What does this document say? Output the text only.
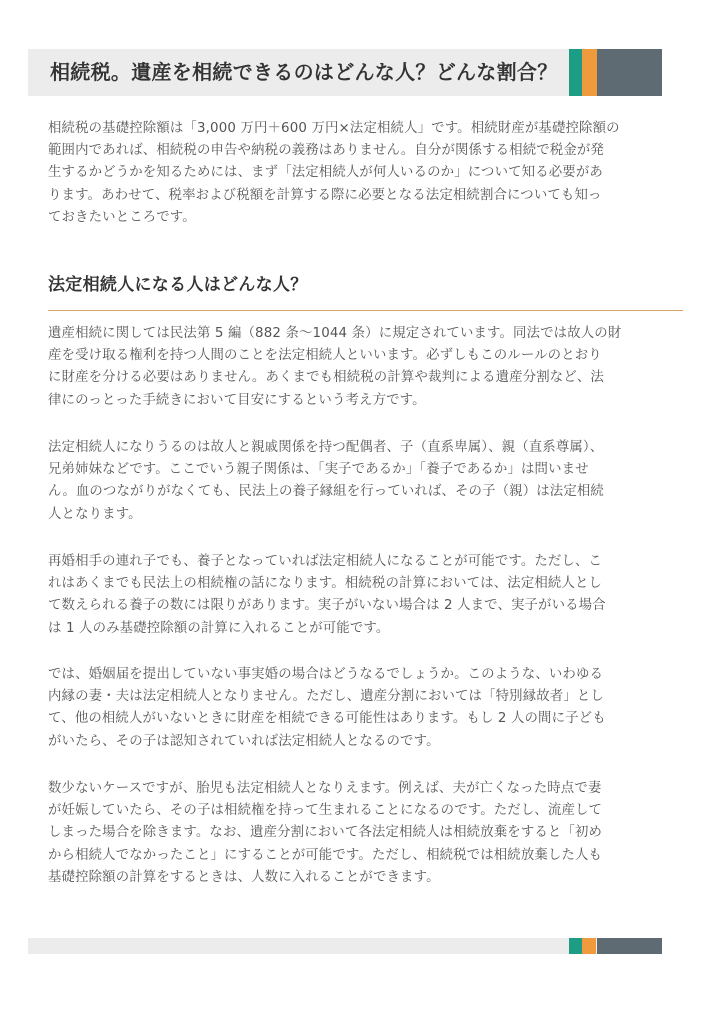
相続税。遺産を相続できるのはどんな人？どんな割合？

相続税の基礎控除額は「3,000 万円＋600 万円×法定相続人」です。相続財産が基礎控除額の
範囲内であれば、相続税の申告や納税の義務はありません。自分が関係する相続で税金が発
生するかどうかを知るためには、まず「法定相続人が何人いるのか」について知る必要があ
ります。あわせて、税率および税額を計算する際に必要となる法定相続割合についても知っ
ておきたいところです。

法定相続人になる人はどんな人？

遺産相続に関しては民法第 5 編（882 条～1044 条）に規定されています。同法では故人の財
産を受け取る権利を持つ人間のことを法定相続人といいます。必ずしもこのルールのとおり
に財産を分ける必要はありません。あくまでも相続税の計算や裁判による遺産分割など、法
律にのっとった手続きにおいて目安にするという考え方です。

法定相続人になりうるのは故人と親戚関係を持つ配偶者、子（直系卑属）、親（直系尊属）、
兄弟姉妹などです。ここでいう親子関係は、「実子であるか」「養子であるか」は問いませ
ん。血のつながりがなくても、民法上の養子縁組を行っていれば、その子（親）は法定相続
人となります。

再婚相手の連れ子でも、養子となっていれば法定相続人になることが可能です。ただし、こ
れはあくまでも民法上の相続権の話になります。相続税の計算においては、法定相続人とし
て数えられる養子の数には限りがあります。実子がいない場合は 2 人まで、実子がいる場合
は 1 人のみ基礎控除額の計算に入れることが可能です。

では、婚姻届を提出していない事実婚の場合はどうなるでしょうか。このような、いわゆる
内縁の妻・夫は法定相続人となりません。ただし、遺産分割においては「特別縁故者」とし
て、他の相続人がいないときに財産を相続できる可能性はあります。もし 2 人の間に子ども
がいたら、その子は認知されていれば法定相続人となるのです。

数少ないケースですが、胎児も法定相続人となりえます。例えば、夫が亡くなった時点で妻
が妊娠していたら、その子は相続権を持って生まれることになるのです。ただし、流産して
しまった場合を除きます。なお、遺産分割において各法定相続人は相続放棄をすると「初め
から相続人でなかったこと」にすることが可能です。ただし、相続税では相続放棄した人も
基礎控除額の計算をするときは、人数に入れることができます。
